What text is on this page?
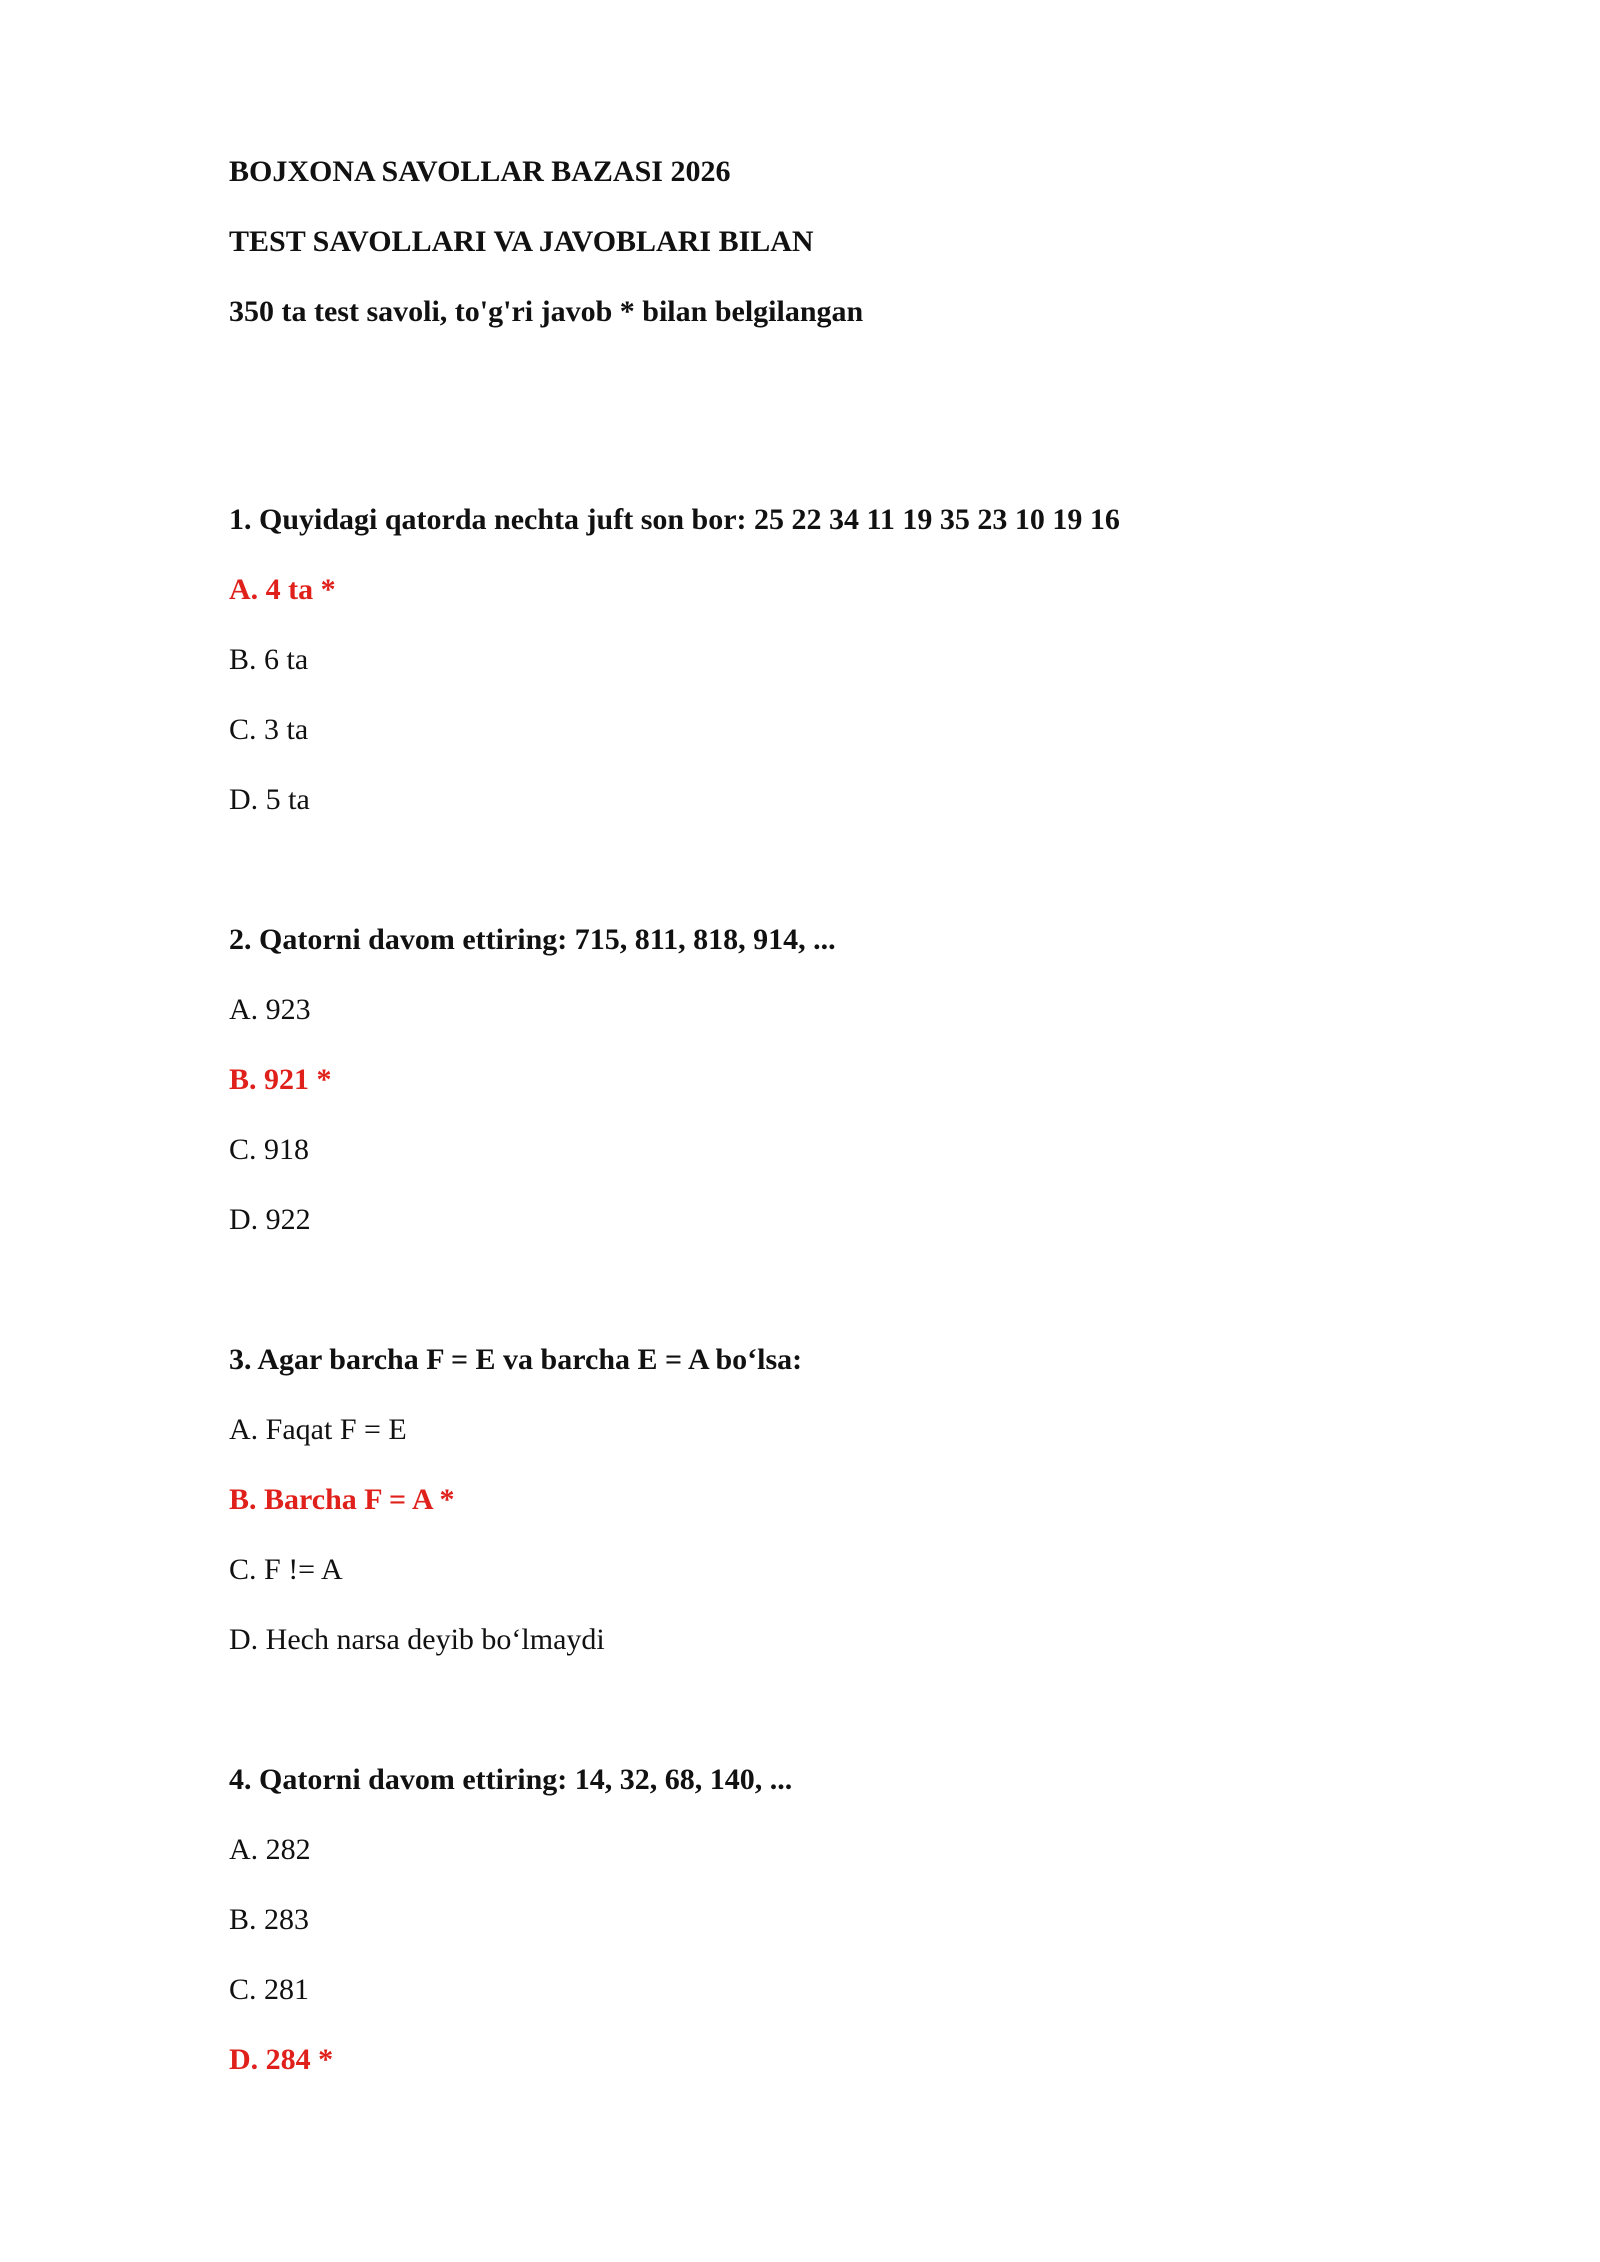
BOJXONA SAVOLLAR BAZASI 2026
TEST SAVOLLARI VA JAVOBLARI BILAN
350 ta test savoli, to'g'ri javob * bilan belgilangan
1. Quyidagi qatorda nechta juft son bor: 25 22 34 11 19 35 23 10 19 16
A. 4 ta *
B. 6 ta
C. 3 ta
D. 5 ta
2. Qatorni davom ettiring: 715, 811, 818, 914, ...
A. 923
B. 921 *
C. 918
D. 922
3. Agar barcha F = E va barcha E = A bo‘lsa:
A. Faqat F = E
B. Barcha F = A *
C. F != A
D. Hech narsa deyib bo‘lmaydi
4. Qatorni davom ettiring: 14, 32, 68, 140, ...
A. 282
B. 283
C. 281
D. 284 *
